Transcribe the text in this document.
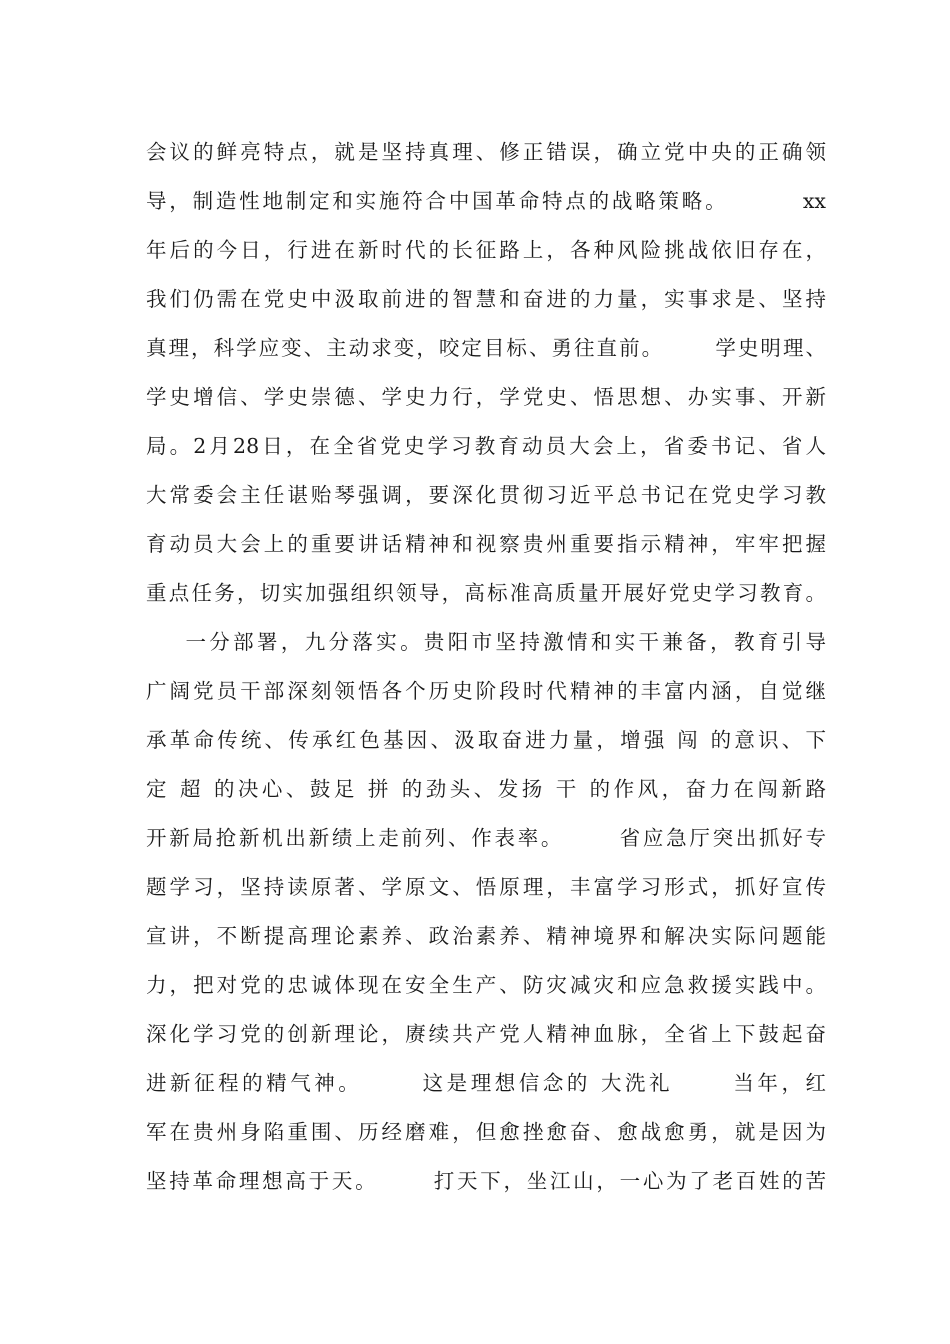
会议的鲜亮特点，就是坚持真理、修正错误，确立党中央的正确领
导，制造性地制定和实施符合中国革命特点的战略策略。        xx
年后的今日，行进在新时代的长征路上，各种风险挑战依旧存在，
我们仍需在党史中汲取前进的智慧和奋进的力量，实事求是、坚持
真理，科学应变、主动求变，咬定目标、勇往直前。      学史明理、
学史增信、学史崇德、学史力行，学党史、悟思想、办实事、开新
局。2月28日，在全省党史学习教育动员大会上，省委书记、省人
大常委会主任谌贻琴强调，要深化贯彻习近平总书记在党史学习教
育动员大会上的重要讲话精神和视察贵州重要指示精神，牢牢把握
重点任务，切实加强组织领导，高标准高质量开展好党史学习教育。
一分部署，九分落实。贵阳市坚持激情和实干兼备，教育引导
广阔党员干部深刻领悟各个历史阶段时代精神的丰富内涵，自觉继
承革命传统、传承红色基因、汲取奋进力量，增强 闯 的意识、下
定 超 的决心、鼓足 拼 的劲头、发扬 干 的作风，奋力在闯新路
开新局抢新机出新绩上走前列、作表率。      省应急厅突出抓好专
题学习，坚持读原著、学原文、悟原理，丰富学习形式，抓好宣传
宣讲，不断提高理论素养、政治素养、精神境界和解决实际问题能
力，把对党的忠诚体现在安全生产、防灾减灾和应急救援实践中。
深化学习党的创新理论，赓续共产党人精神血脉，全省上下鼓起奋
进新征程的精气神。      这是理想信念的 大洗礼      当年，红
军在贵州身陷重围、历经磨难，但愈挫愈奋、愈战愈勇，就是因为
坚持革命理想高于天。      打天下，坐江山，一心为了老百姓的苦
